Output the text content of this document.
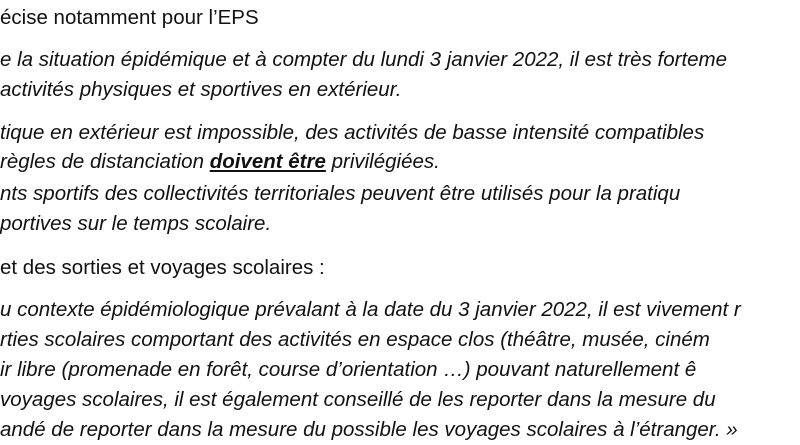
écise notamment pour l’EPS
e la situation épidémique et à compter du lundi 3 janvier 2022, il est très forteme
activités physiques et sportives en extérieur.
tique en extérieur est impossible, des activités de basse intensité compatibles
règles de distanciation doivent être privilégiées.
nts sportifs des collectivités territoriales peuvent être utilisés pour la pratiqu
portives sur le temps scolaire.
et des sorties et voyages scolaires :
u contexte épidémiologique prévalant à la date du 3 janvier 2022, il est vivement r
rties scolaires comportant des activités en espace clos (théâtre, musée, ciném
ir libre (promenade en forêt, course d’orientation …) pouvant naturellement ê
voyages scolaires, il est également conseillé de les reporter dans la mesure du
andé de reporter dans la mesure du possible les voyages scolaires à l’étranger. »
